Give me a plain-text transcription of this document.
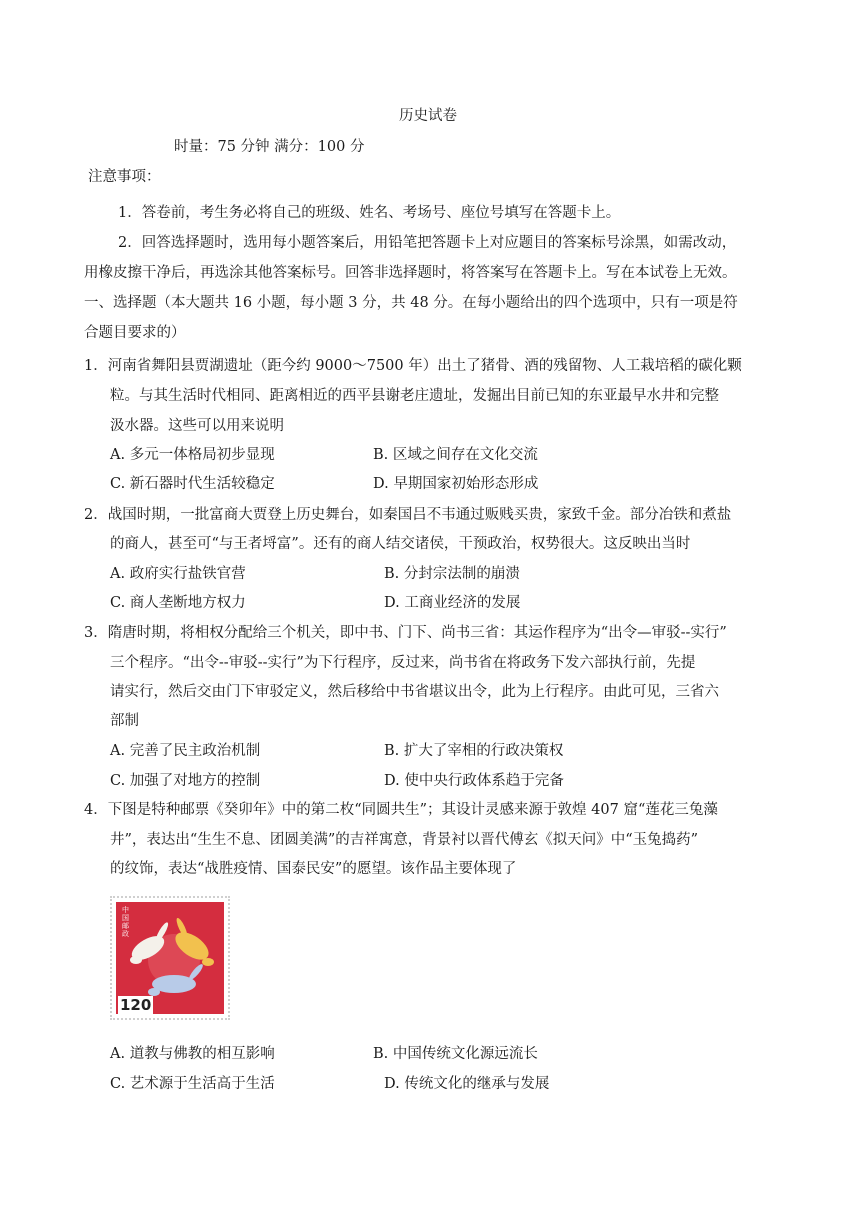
历史试卷
时量：75 分钟 满分：100 分
注意事项：
1．答卷前，考生务必将自己的班级、姓名、考场号、座位号填写在答题卡上。
2．回答选择题时，选用每小题答案后，用铅笔把答题卡上对应题目的答案标号涂黑，如需改动，
用橡皮擦干净后，再选涂其他答案标号。回答非选择题时，将答案写在答题卡上。写在本试卷上无效。
一、选择题（本大题共 16 小题，每小题 3 分，共 48 分。在每小题给出的四个选项中，只有一项是符
合题目要求的）
1．河南省舞阳县贾湖遗址（距今约 9000～7500 年）出土了猪骨、酒的残留物、人工栽培稻的碳化颗
粒。与其生活时代相同、距离相近的西平县谢老庄遗址，发掘出目前已知的东亚最早水井和完整
汲水器。这些可以用来说明
A. 多元一体格局初步显现	B. 区域之间存在文化交流
C. 新石器时代生活较稳定	D. 早期国家初始形态形成
2．战国时期，一批富商大贾登上历史舞台，如秦国吕不韦通过贩贱买贵，家致千金。部分冶铁和煮盐
的商人，甚至可“与王者埒富”。还有的商人结交诸侯，干预政治，权势很大。这反映出当时
A. 政府实行盐铁官营	B. 分封宗法制的崩溃
C. 商人垄断地方权力	D. 工商业经济的发展
3．隋唐时期，将相权分配给三个机关，即中书、门下、尚书三省：其运作程序为“出令—审驳--实行”
三个程序。“出令--审驳--实行”为下行程序，反过来，尚书省在将政务下发六部执行前，先提
请实行，然后交由门下审驳定义，然后移给中书省堪议出令，此为上行程序。由此可见，三省六
部制
A. 完善了民主政治机制	B. 扩大了宰相的行政决策权
C. 加强了对地方的控制	D. 使中央行政体系趋于完备
4．下图是特种邮票《癸卯年》中的第二枚“同圆共生”；其设计灵感来源于敦煌 407 窟“莲花三兔藻
井”，表达出“生生不息、团圆美满”的吉祥寓意，背景衬以晋代傅玄《拟天问》中“玉兔捣药”
的纹饰，表达“战胜疫情、国泰民安”的愿望。该作品主要体现了
中国邮政
120
A. 道教与佛教的相互影响	B. 中国传统文化源远流长
C. 艺术源于生活高于生活	D. 传统文化的继承与发展
